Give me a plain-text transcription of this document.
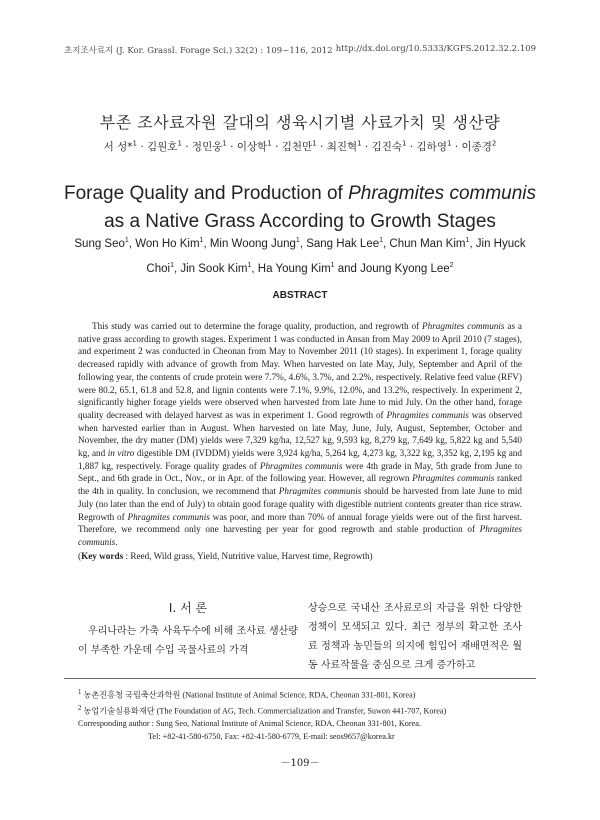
초지조사료지 (J. Kor. Grassl. Forage Sci.) 32(2) : 109~116, 2012 http://dx.doi.org/10.5333/KGFS.2012.32.2.109
부존 조사료자원 갈대의 생육시기별 사료가치 및 생산량
서 성*$^1$ · 김원호$^1$ · 정민웅$^1$ · 이상학$^1$ · 김천만$^1$ · 최진혁$^1$ · 김진숙$^1$ · 김하영$^1$ · 이종경$^2$
Forage Quality and Production of Phragmites communis as a Native Grass According to Growth Stages
Sung Seo$^1$, Won Ho Kim$^1$, Min Woong Jung$^1$, Sang Hak Lee$^1$, Chun Man Kim$^1$, Jin Hyuck Choi$^1$, Jin Sook Kim$^1$, Ha Young Kim$^1$ and Joung Kyong Lee$^2$
ABSTRACT

This study was carried out to determine the forage quality, production, and regrowth of Phragmites communis as a native grass according to growth stages. Experiment 1 was conducted in Ansan from May 2009 to April 2010 (7 stages), and experiment 2 was conducted in Cheonan from May to November 2011 (10 stages). In experiment 1, forage quality decreased rapidly with advance of growth from May. When harvested on late May, July, September and April of the following year, the contents of crude protein were 7.7%, 4.6%, 3.7%, and 2.2%, respectively. Relative feed value (RFV) were 80.2, 65.1, 61.8 and 52.8, and lignin contents were 7.1%, 9.9%, 12.0%, and 13.2%, respectively. In experiment 2, significantly higher forage yields were observed when harvested from late June to mid July. On the other hand, forage quality decreased with delayed harvest as was in experiment 1. Good regrowth of Phragmites communis was observed when harvested earlier than in August. When harvested on late May, June, July, August, September, October and November, the dry matter (DM) yields were 7,329 kg/ha, 12,527 kg, 9,593 kg, 8,279 kg, 7,649 kg, 5,822 kg and 5,540 kg, and in vitro digestible DM (IVDDM) yields were 3,924 kg/ha, 5,264 kg, 4,273 kg, 3,322 kg, 3,352 kg, 2,195 kg and 1,887 kg, respectively. Forage quality grades of Phragmites communis were 4th grade in May, 5th grade from June to Sept., and 6th grade in Oct., Nov., or in Apr. of the following year. However, all regrown Phragmites communis ranked the 4th in quality. In conclusion, we recommend that Phragmites communis should be harvested from late June to mid July (no later than the end of July) to obtain good forage quality with digestible nutrient contents greater than rice straw. Regrowth of Phragmites communis was poor, and more than 70% of annual forage yields were out of the first harvest. Therefore, we recommend only one harvesting per year for good regrowth and stable production of Phragmites communis.

(Key words : Reed, Wild grass, Yield, Nutritive value, Harvest time, Regrowth)
Ⅰ. 서 론

우리나라는 가축 사육두수에 비해 조사료 생산량이 부족한 가운데 수입 곡물사료의 가격

상승으로 국내산 조사료로의 자급을 위한 다양한 정책이 모색되고 있다. 최근 정부의 확고한 조사료 정책과 농민들의 의지에 힘입어 재배면적은 월동 사료작물을 중심으로 크게 증가하고

$^1$ 농촌진흥청 국립축산과학원 (National Institute of Animal Science, RDA, Cheonan 331-801, Korea)
$^2$ 농업기술실용화재단 (The Foundation of AG, Tech. Commercialization and Transfer, Suwon 441-707, Korea)
Corresponding author : Sung Seo, National Institute of Animal Science, RDA, Cheonan 331-801, Korea.
Tel: +82-41-580-6750, Fax: +82-41-580-6779, E-mail: seos9657@korea.kr
－109－
